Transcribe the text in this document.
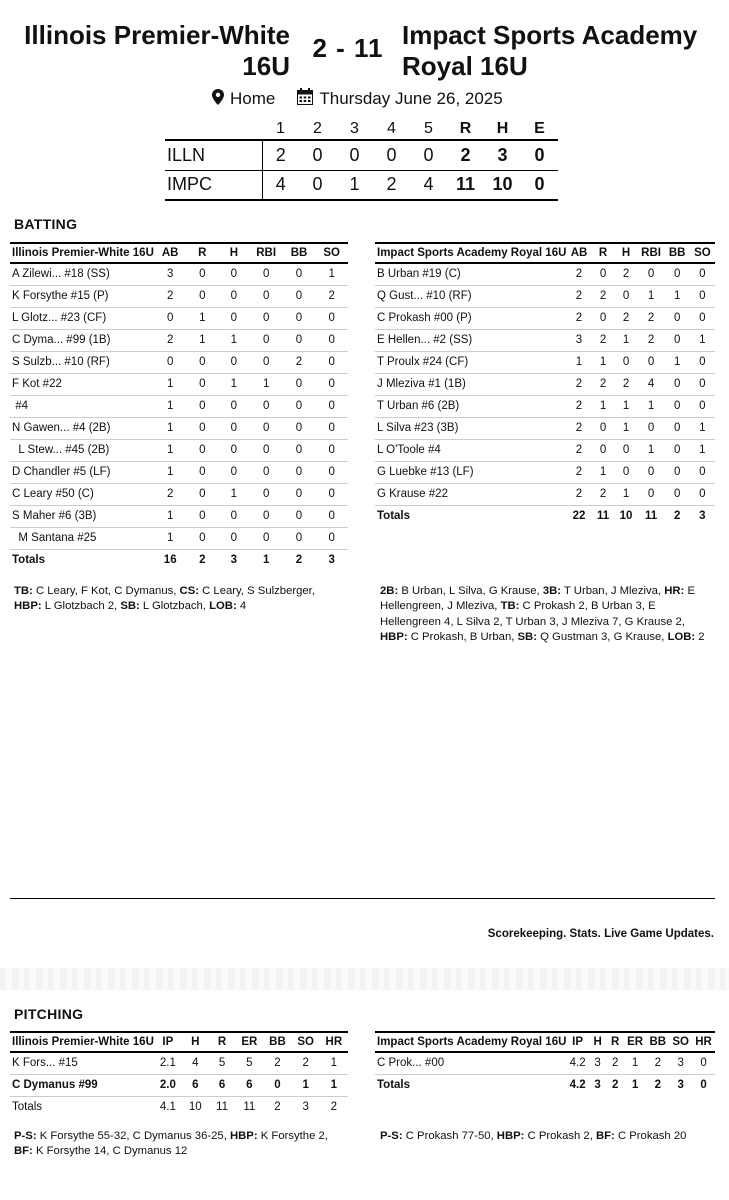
Illinois Premier-White 16U
2 - 11 Impact Sports Academy Royal 16U
Home	Thursday June 26, 2025
	1	2	3	4	5	R	H	E
ILLN	2	0	0	0	0	2	3	0
IMPC	4	0	1	2	4	11	10	0
BATTING
Illinois Premier-White 16U	AB	R	H	RBI	BB	SO
A Zilewi... #18 (SS)	3	0	0	0	0	1
K Forsythe #15 (P)	2	0	0	0	0	2
L Glotz... #23 (CF)	0	1	0	0	0	0
C Dyma... #99 (1B)	2	1	1	0	0	0
S Sulzb... #10 (RF)	0	0	0	0	2	0
F Kot #22	1	0	1	1	0	0
#4	1	0	0	0	0	0
N Gawen... #4 (2B)	1	0	0	0	0	0
L Stew... #45 (2B)	1	0	0	0	0	0
D Chandler #5 (LF)	1	0	0	0	0	0
C Leary #50 (C)	2	0	1	0	0	0
S Maher #6 (3B)	1	0	0	0	0	0
M Santana #25	1	0	0	0	0	0
Totals	16	2	3	1	2	3
Impact Sports Academy Royal 16U	AB	R	H	RBI	BB	SO
B Urban #19 (C)	2	0	2	0	0	0
Q Gust... #10 (RF)	2	2	0	1	1	0
C Prokash #00 (P)	2	0	2	2	0	0
E Hellen... #2 (SS)	3	2	1	2	0	1
T Proulx #24 (CF)	1	1	0	0	1	0
J Mleziva #1 (1B)	2	2	2	4	0	0
T Urban #6 (2B)	2	1	1	1	0	0
L Silva #23 (3B)	2	0	1	0	0	1
L O'Toole #4	2	0	0	1	0	1
G Luebke #13 (LF)	2	1	0	0	0	0
G Krause #22	2	2	1	0	0	0
Totals	22	11	10	11	2	3
TB: C Leary, F Kot, C Dymanus, CS: C Leary, S Sulzberger, HBP: L Glotzbach 2, SB: L Glotzbach, LOB: 4
2B: B Urban, L Silva, G Krause, 3B: T Urban, J Mleziva, HR: E Hellengreen, J Mleziva, TB: C Prokash 2, B Urban 3, E Hellengreen 4, L Silva 2, T Urban 3, J Mleziva 7, G Krause 2, HBP: C Prokash, B Urban, SB: Q Gustman 3, G Krause, LOB: 2
Scorekeeping. Stats. Live Game Updates.
PITCHING
Illinois Premier-White 16U	IP	H	R	ER	BB	SO	HR
K Fors... #15	2.1	4	5	5	2	2	1
C Dymanus #99	2.0	6	6	6	0	1	1
Totals	4.1	10	11	11	2	3	2
Impact Sports Academy Royal 16U	IP	H	R	ER	BB	SO	HR
C Prok... #00	4.2	3	2	1	2	3	0
Totals	4.2	3	2	1	2	3	0
P-S: K Forsythe 55-32, C Dymanus 36-25, HBP: K Forsythe 2, BF: K Forsythe 14, C Dymanus 12
P-S: C Prokash 77-50, HBP: C Prokash 2, BF: C Prokash 20
